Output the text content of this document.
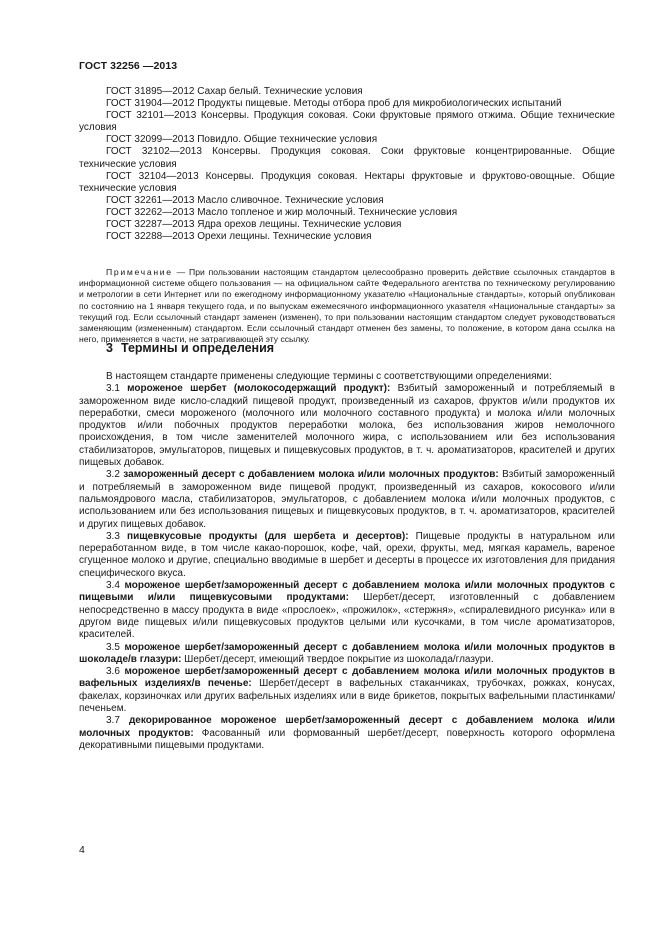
ГОСТ 32256 —2013

ГОСТ 31895—2012 Сахар белый. Технические условия

ГОСТ 31904—2012 Продукты пищевые. Методы отбора проб для микробиологических испытаний

ГОСТ 32101—2013 Консервы. Продукция соковая. Соки фруктовые прямого отжима. Общие технические условия

ГОСТ 32099—2013 Повидло. Общие технические условия

ГОСТ 32102—2013 Консервы. Продукция соковая. Соки фруктовые концентрированные. Общие технические условия

ГОСТ 32104—2013 Консервы. Продукция соковая. Нектары фруктовые и фруктово-овощные. Общие технические условия

ГОСТ 32261—2013 Масло сливочное. Технические условия

ГОСТ 32262—2013 Масло топленое и жир молочный. Технические условия

ГОСТ 32287—2013 Ядра орехов лещины. Технические условия

ГОСТ 32288—2013 Орехи лещины. Технические условия

Примечание — При пользовании настоящим стандартом целесообразно проверить действие ссылочных стандартов в информационной системе общего пользования — на официальном сайте Федерального агентства по техническому регулированию и метрологии в сети Интернет или по ежегодному информационному указателю «Национальные стандарты», который опубликован по состоянию на 1 января текущего года, и по выпускам ежемесячного информационного указателя «Национальные стандарты» за текущий год. Если ссылочный стандарт заменен (изменен), то при пользовании настоящим стандартом следует руководствоваться заменяющим (измененным) стандартом. Если ссылочный стандарт отменен без замены, то положение, в котором дана ссылка на него, применяется в части, не затрагивающей эту ссылку.
3 Термины и определения

В настоящем стандарте применены следующие термины с соответствующими определениями:

3.1 мороженое шербет (молокосодержащий продукт): Взбитый замороженный и потребляемый в замороженном виде кисло-сладкий пищевой продукт, произведенный из сахаров, фруктов и/или продуктов их переработки, смеси мороженого (молочного или молочного составного продукта) и молока и/или молочных продуктов и/или побочных продуктов переработки молока, без использования жиров немолочного происхождения, в том числе заменителей молочного жира, с использованием или без использования стабилизаторов, эмульгаторов, пищевых и пищевкусовых продуктов, в т. ч. ароматизаторов, красителей и других пищевых добавок.

3.2 замороженный десерт с добавлением молока и/или молочных продуктов: Взбитый замороженный и потребляемый в замороженном виде пищевой продукт, произведенный из сахаров, кокосового и/или пальмоядрового масла, стабилизаторов, эмульгаторов, с добавлением молока и/или молочных продуктов, с использованием или без использования пищевых и пищевкусовых продуктов, в т. ч. ароматизаторов, красителей и других пищевых добавок.

3.3 пищевкусовые продукты (для шербета и десертов): Пищевые продукты в натуральном или переработанном виде, в том числе какао-порошок, кофе, чай, орехи, фрукты, мед, мягкая карамель, вареное сгущенное молоко и другие, специально вводимые в шербет и десерты в процессе их изготовления для придания специфического вкуса.

3.4 мороженое шербет/замороженный десерт с добавлением молока и/или молочных продуктов с пищевыми и/или пищевкусовыми продуктами: Шербет/десерт, изготовленный с добавлением непосредственно в массу продукта в виде «прослоек», «прожилок», «стержня», «спиралевидного рисунка» или в другом виде пищевых и/или пищевкусовых продуктов целыми или кусочками, в том числе ароматизаторов, красителей.

3.5 мороженое шербет/замороженный десерт с добавлением молока и/или молочных продуктов в шоколаде/в глазури: Шербет/десерт, имеющий твердое покрытие из шоколада/глазури.

3.6 мороженое шербет/замороженный десерт с добавлением молока и/или молочных продуктов в вафельных изделиях/в печенье: Шербет/десерт в вафельных стаканчиках, трубочках, рожках, конусах, факелах, корзиночках или других вафельных изделиях или в виде брикетов, покрытых вафельными пластинками/печеньем.

3.7 декорированное мороженое шербет/замороженный десерт с добавлением молока и/или молочных продуктов: Фасованный или формованный шербет/десерт, поверхность которого оформлена декоративными пищевыми продуктами.

4
